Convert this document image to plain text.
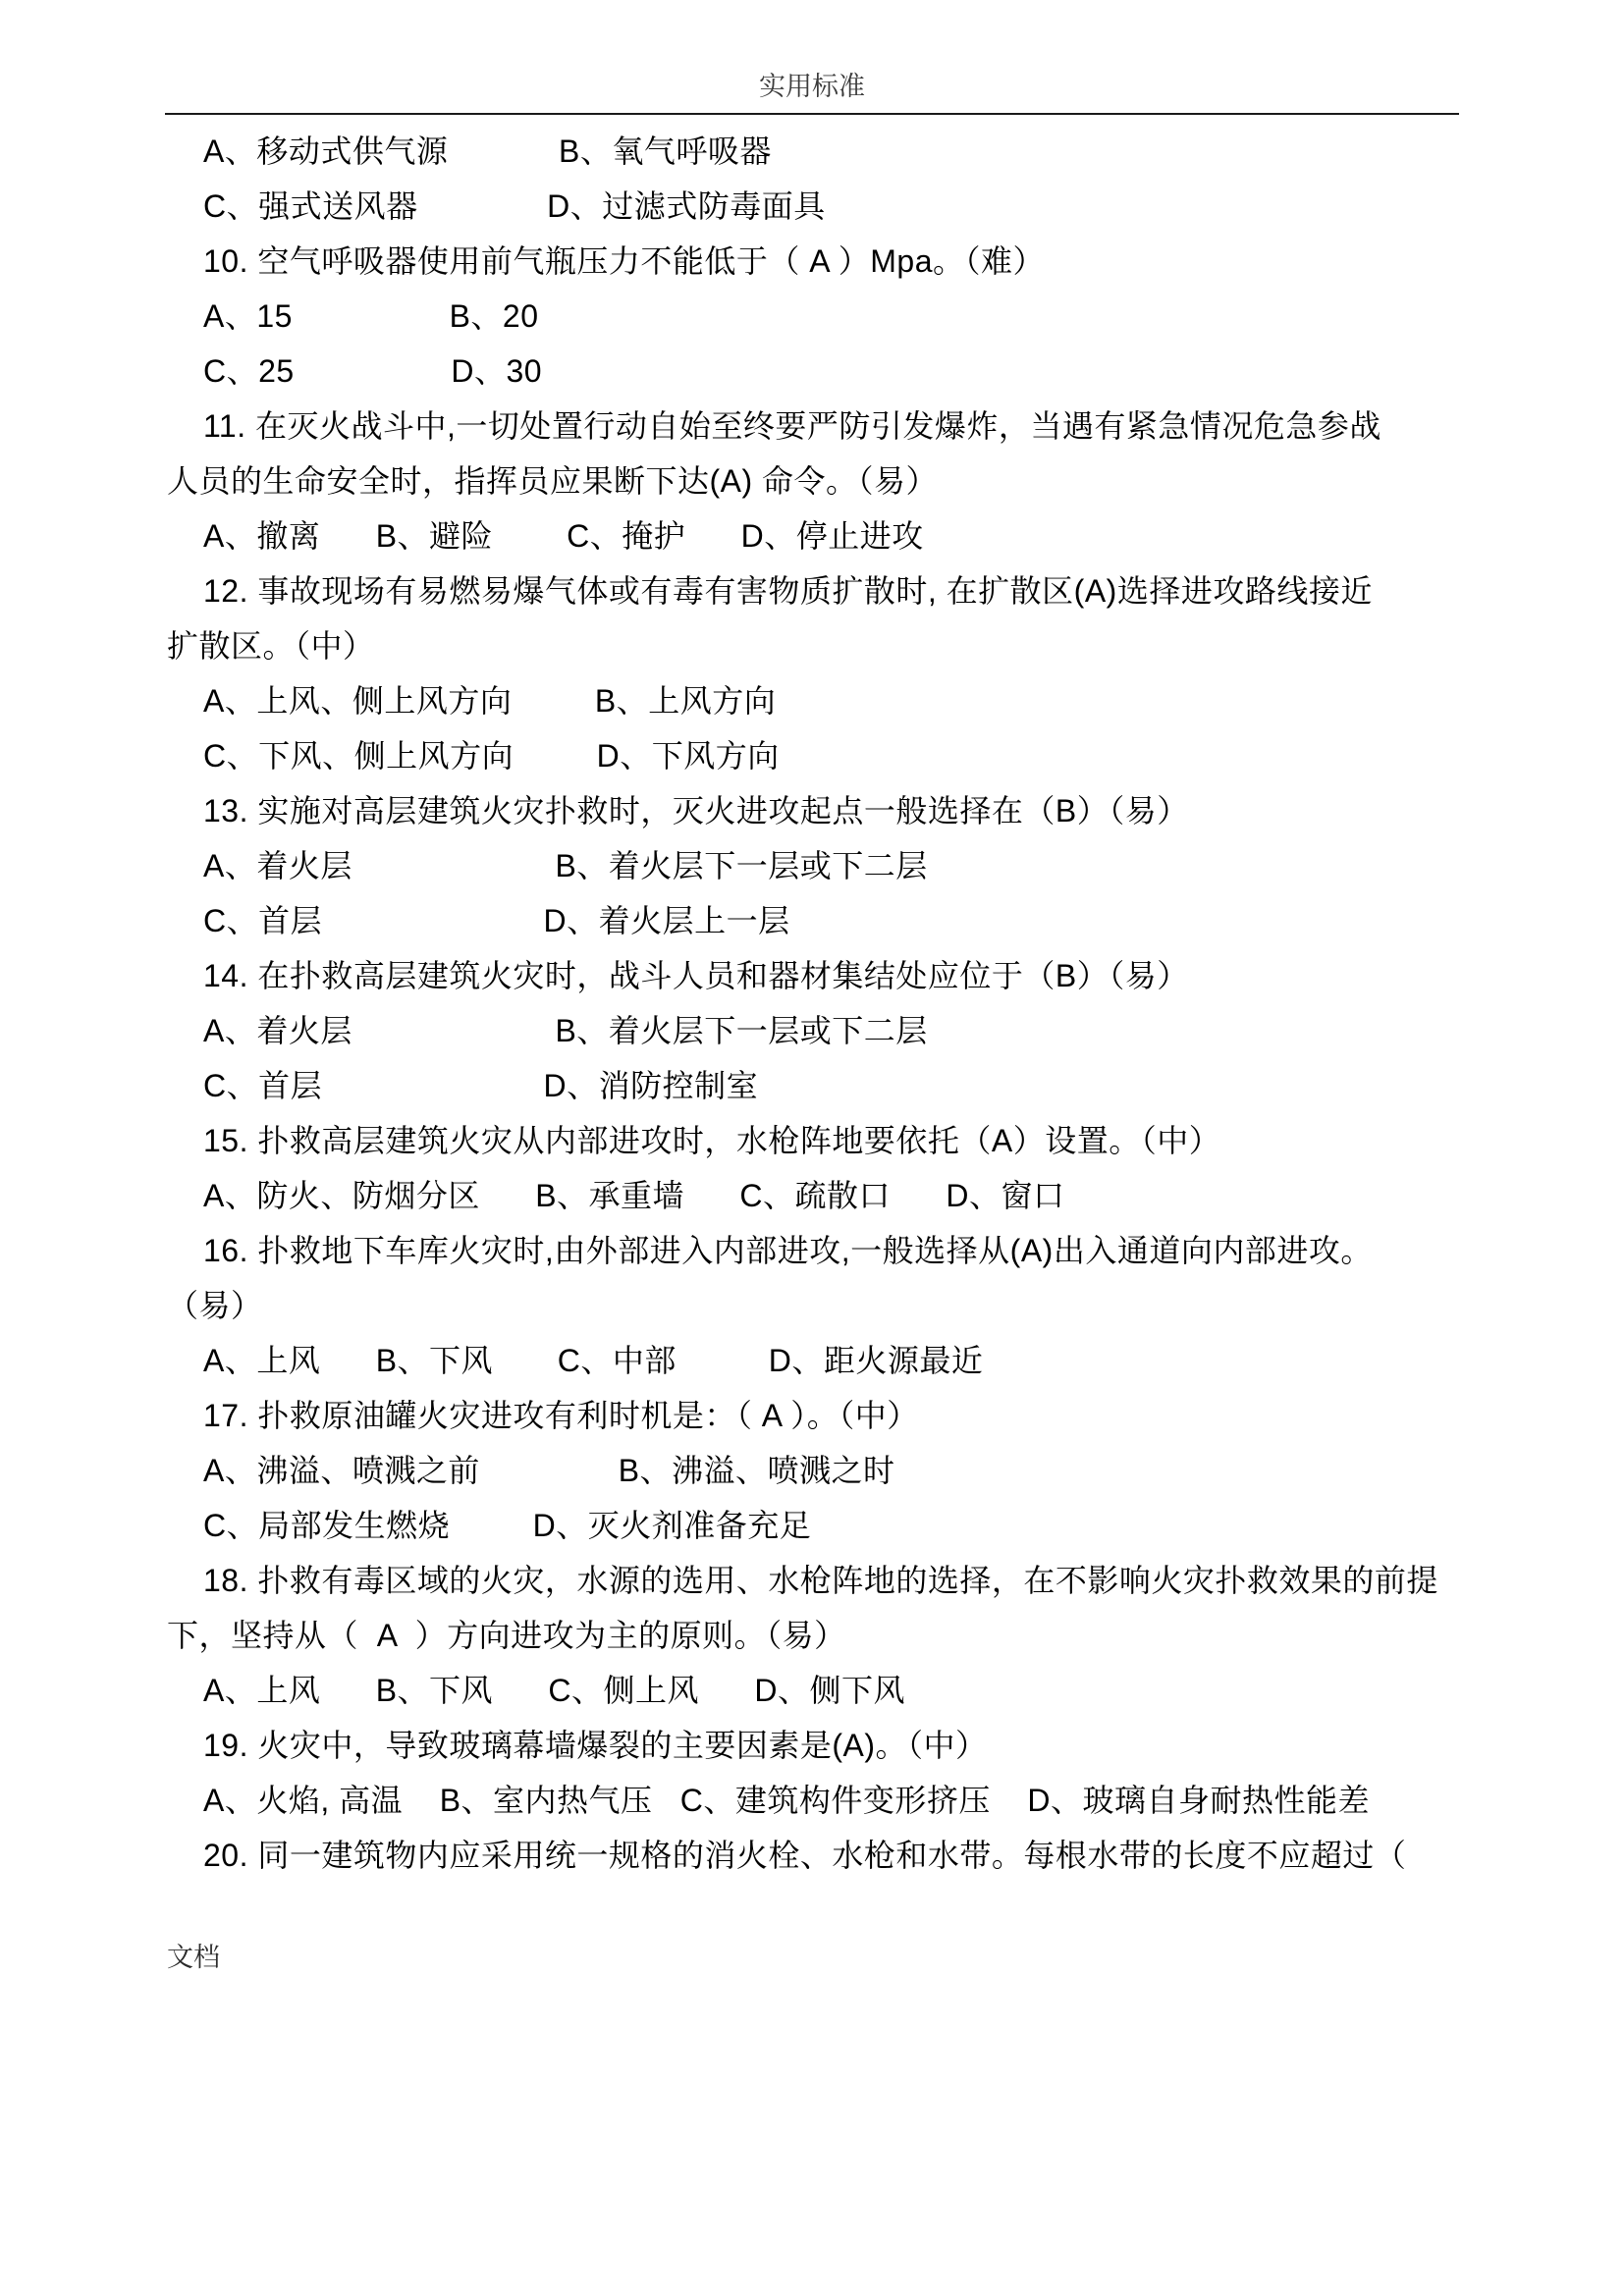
实用标准
A、移动式供气源            B、氧气呼吸器
C、强式送风器              D、过滤式防毒面具
10. 空气呼吸器使用前气瓶压力不能低于（ A ）Mpa。（难）
A、15                 B、20
C、25                 D、30
11. 在灭火战斗中,一切处置行动自始至终要严防引发爆炸，当遇有紧急情况危急参战
人员的生命安全时，指挥员应果断下达(A) 命令。（易）
A、撤离      B、避险        C、掩护      D、停止进攻
12. 事故现场有易燃易爆气体或有毒有害物质扩散时, 在扩散区(A)选择进攻路线接近
扩散区。（中）
A、上风、侧上风方向         B、上风方向
C、下风、侧上风方向         D、下风方向
13. 实施对高层建筑火灾扑救时，灭火进攻起点一般选择在（B）（易）
A、着火层                      B、着火层下一层或下二层
C、首层                        D、着火层上一层
14. 在扑救高层建筑火灾时，战斗人员和器材集结处应位于（B）（易）
A、着火层                      B、着火层下一层或下二层
C、首层                        D、消防控制室
15. 扑救高层建筑火灾从内部进攻时，水枪阵地要依托（A）设置。（中）
A、防火、防烟分区      B、承重墙      C、疏散口      D、窗口
16. 扑救地下车库火灾时,由外部进入内部进攻,一般选择从(A)出入通道向内部进攻。
（易）
A、上风      B、下风       C、中部          D、距火源最近
17. 扑救原油罐火灾进攻有利时机是：（ A ）。（中）
A、沸溢、喷溅之前               B、沸溢、喷溅之时
C、局部发生燃烧         D、灭火剂准备充足
18. 扑救有毒区域的火灾，水源的选用、水枪阵地的选择，在不影响火灾扑救效果的前提
下，坚持从（  A  ）方向进攻为主的原则。（易）
A、上风      B、下风      C、侧上风      D、侧下风
19. 火灾中，导致玻璃幕墙爆裂的主要因素是(A)。（中）
A、火焰, 高温    B、室内热气压   C、建筑构件变形挤压    D、玻璃自身耐热性能差
20. 同一建筑物内应采用统一规格的消火栓、水枪和水带。每根水带的长度不应超过（
文档
